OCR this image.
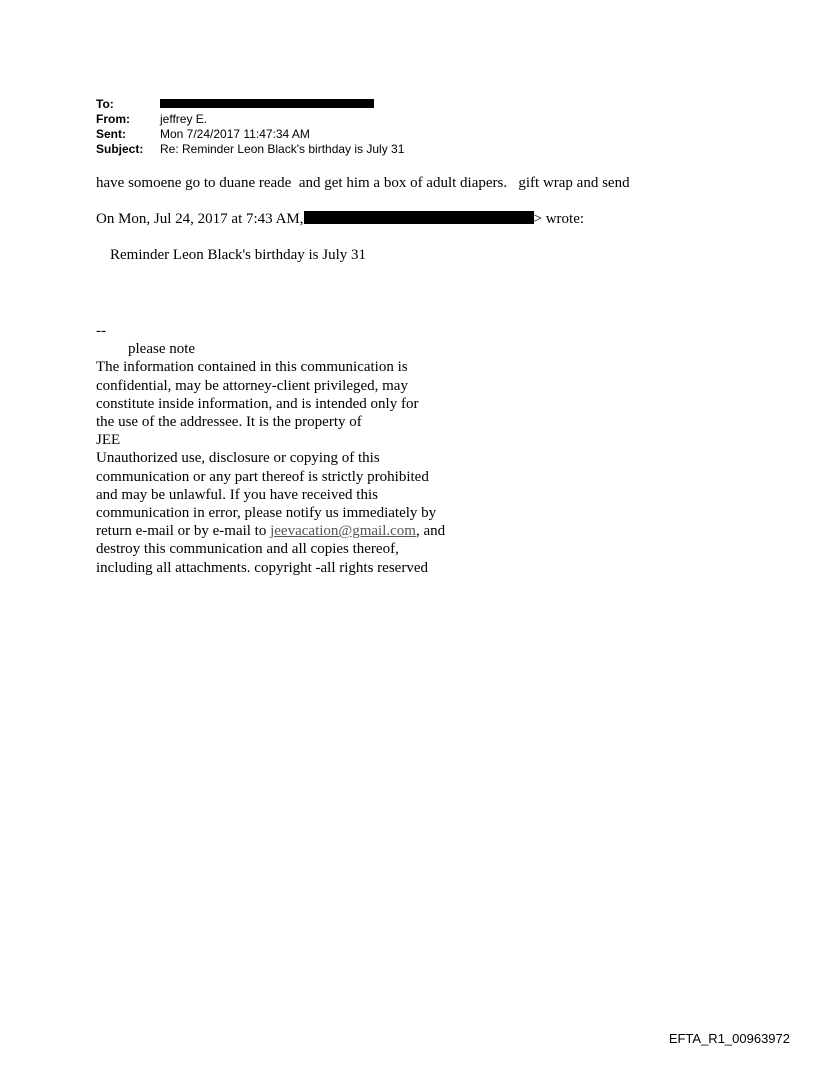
To:
From:	jeffrey E.
Sent:	Mon 7/24/2017 11:47:34 AM
Subject:	Re: Reminder Leon Black's birthday is July 31
have somoene go to duane reade  and get him a box of adult diapers.   gift wrap and send
On Mon, Jul 24, 2017 at 7:43 AM,	> wrote:
Reminder Leon Black's birthday is July 31
--
please note
The information contained in this communication is
confidential, may be attorney-client privileged, may
constitute inside information, and is intended only for
the use of the addressee. It is the property of
JEE
Unauthorized use, disclosure or copying of this
communication or any part thereof is strictly prohibited
and may be unlawful. If you have received this
communication in error, please notify us immediately by
return e-mail or by e-mail to jeevacation@gmail.com, and
destroy this communication and all copies thereof,
including all attachments. copyright -all rights reserved
EFTA_R1_00963972
